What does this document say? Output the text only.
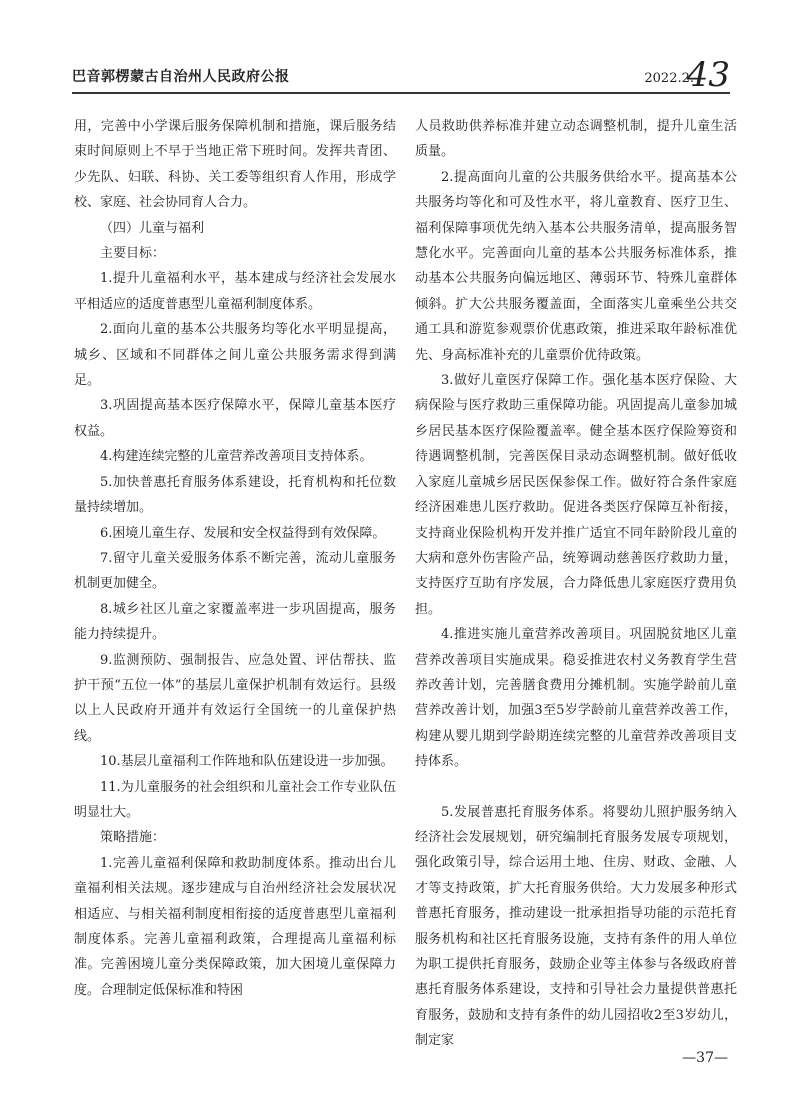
巴音郭楞蒙古自治州人民政府公报	2022.2.
43

用，完善中小学课后服务保障机制和措施，课后服务结束时间原则上不早于当地正常下班时间。发挥共青团、少先队、妇联、科协、关工委等组织育人作用，形成学校、家庭、社会协同育人合力。

（四）儿童与福利

主要目标：

1.提升儿童福利水平，基本建成与经济社会发展水平相适应的适度普惠型儿童福利制度体系。

2.面向儿童的基本公共服务均等化水平明显提高，城乡、区域和不同群体之间儿童公共服务需求得到满足。

3.巩固提高基本医疗保障水平，保障儿童基本医疗权益。

4.构建连续完整的儿童营养改善项目支持体系。

5.加快普惠托育服务体系建设，托育机构和托位数量持续增加。

6.困境儿童生存、发展和安全权益得到有效保障。

7.留守儿童关爱服务体系不断完善，流动儿童服务机制更加健全。

8.城乡社区儿童之家覆盖率进一步巩固提高，服务能力持续提升。

9.监测预防、强制报告、应急处置、评估帮扶、监护干预“五位一体”的基层儿童保护机制有效运行。县级以上人民政府开通并有效运行全国统一的儿童保护热线。

10.基层儿童福利工作阵地和队伍建设进一步加强。

11.为儿童服务的社会组织和儿童社会工作专业队伍明显壮大。

策略措施：

1.完善儿童福利保障和救助制度体系。推动出台儿童福利相关法规。逐步建成与自治州经济社会发展状况相适应、与相关福利制度相衔接的适度普惠型儿童福利制度体系。完善儿童福利政策，合理提高儿童福利标准。完善困境儿童分类保障政策，加大困境儿童保障力度。合理制定低保标准和特困

人员救助供养标准并建立动态调整机制，提升儿童生活质量。

2.提高面向儿童的公共服务供给水平。提高基本公共服务均等化和可及性水平，将儿童教育、医疗卫生、福利保障事项优先纳入基本公共服务清单，提高服务智慧化水平。完善面向儿童的基本公共服务标准体系，推动基本公共服务向偏远地区、薄弱环节、特殊儿童群体倾斜。扩大公共服务覆盖面，全面落实儿童乘坐公共交通工具和游览参观票价优惠政策，推进采取年龄标准优先、身高标准补充的儿童票价优待政策。

3.做好儿童医疗保障工作。强化基本医疗保险、大病保险与医疗救助三重保障功能。巩固提高儿童参加城乡居民基本医疗保险覆盖率。健全基本医疗保险筹资和待遇调整机制，完善医保目录动态调整机制。做好低收入家庭儿童城乡居民医保参保工作。做好符合条件家庭经济困难患儿医疗救助。促进各类医疗保障互补衔接，支持商业保险机构开发并推广适宜不同年龄阶段儿童的大病和意外伤害险产品，统筹调动慈善医疗救助力量，支持医疗互助有序发展，合力降低患儿家庭医疗费用负担。

4.推进实施儿童营养改善项目。巩固脱贫地区儿童营养改善项目实施成果。稳妥推进农村义务教育学生营养改善计划，完善膳食费用分摊机制。实施学龄前儿童营养改善计划，加强3至5岁学龄前儿童营养改善工作，构建从婴儿期到学龄期连续完整的儿童营养改善项目支持体系。

5.发展普惠托育服务体系。将婴幼儿照护服务纳入经济社会发展规划，研究编制托育服务发展专项规划，强化政策引导，综合运用土地、住房、财政、金融、人才等支持政策，扩大托育服务供给。大力发展多种形式普惠托育服务，推动建设一批承担指导功能的示范托育服务机构和社区托育服务设施，支持有条件的用人单位为职工提供托育服务，鼓励企业等主体参与各级政府普惠托育服务体系建设，支持和引导社会力量提供普惠托育服务，鼓励和支持有条件的幼儿园招收2至3岁幼儿，制定家

—37—
